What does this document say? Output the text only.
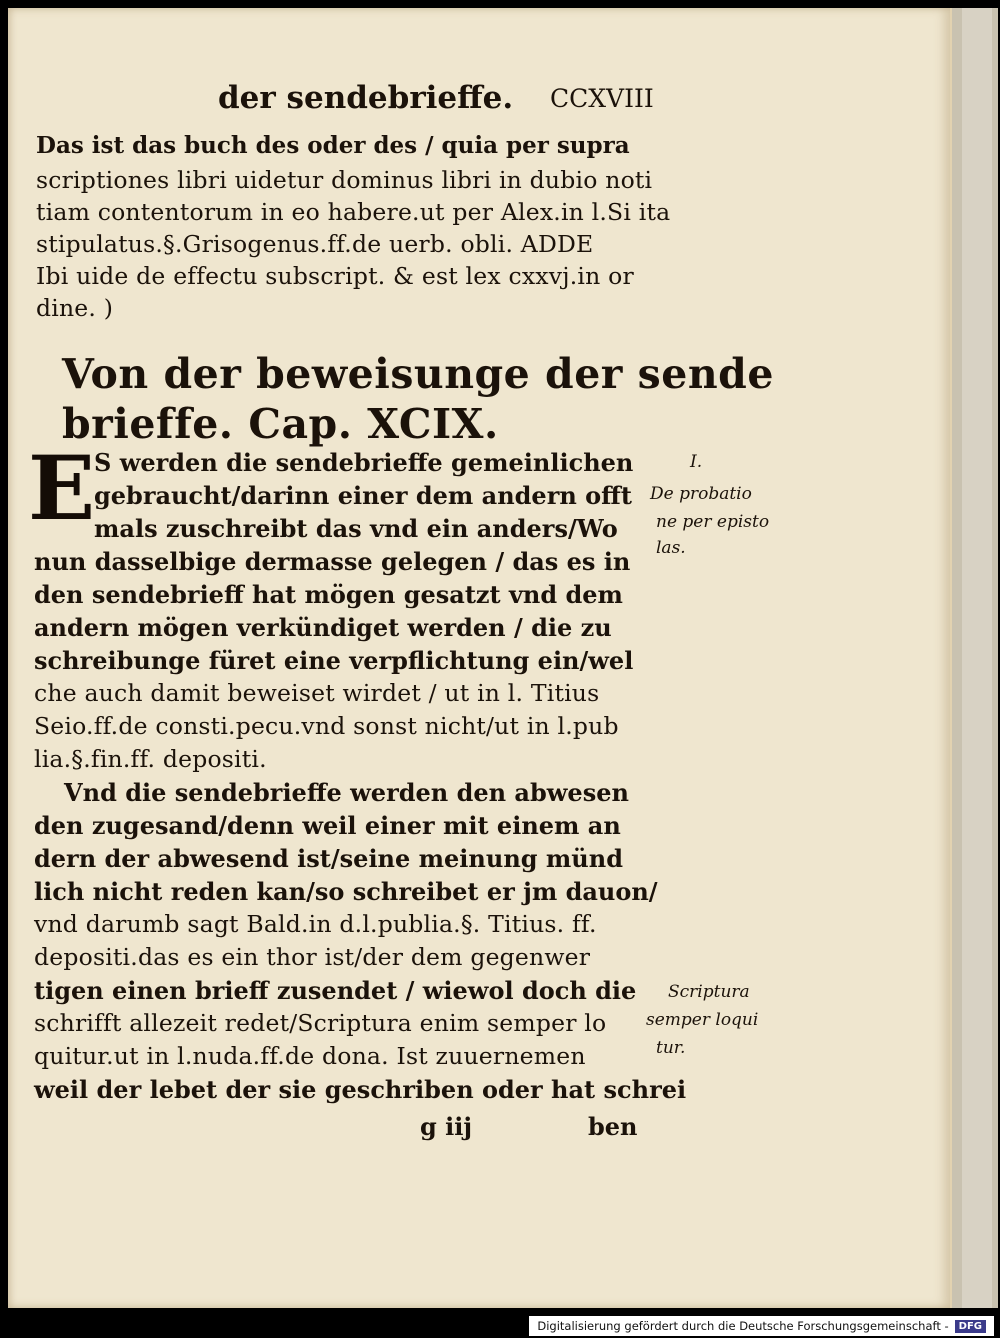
der sendebrieffe. CCXVIII
Das ist das buch des oder des / quia per supra
scriptiones libri uidetur dominus libri in dubio noti
tiam contentorum in eo habere.ut per Alex.in l.Si ita
stipulatus.§.Grisogenus.ff.de uerb. obli. ADDE
Ibi uide de effectu subscript. & est lex cxxvj.in or
dine. )
Von der beweisunge der sende
brieffe. Cap. XCIX.
E
S werden die sendebrieffe gemeinlichen
gebraucht/darinn einer dem andern offt
mals zuschreibt das vnd ein anders/Wo
nun dasselbige dermasse gelegen / das es in
den sendebrieff hat mögen gesatzt vnd dem
andern mögen verkündiget werden / die zu
schreibunge füret eine verpflichtung ein/wel
che auch damit beweiset wirdet / ut in l. Titius
Seio.ff.de consti.pecu.vnd sonst nicht/ut in l.pub
lia.§.fin.ff. depositi.
Vnd die sendebrieffe werden den abwesen
den zugesand/denn weil einer mit einem an
dern der abwesend ist/seine meinung münd
lich nicht reden kan/so schreibet er jm dauon/
vnd darumb sagt Bald.in d.l.publia.§. Titius. ff.
depositi.das es ein thor ist/der dem gegenwer
tigen einen brieff zusendet / wiewol doch die
schrifft allezeit redet/Scriptura enim semper lo
quitur.ut in l.nuda.ff.de dona. Ist zuuernemen
weil der lebet der sie geschriben oder hat schrei
g iij	ben
I.
De probatio
ne per episto
las.
Scriptura
semper loqui
tur.
Digitalisierung gefördert durch die Deutsche Forschungsgemeinschaft -	DFG
